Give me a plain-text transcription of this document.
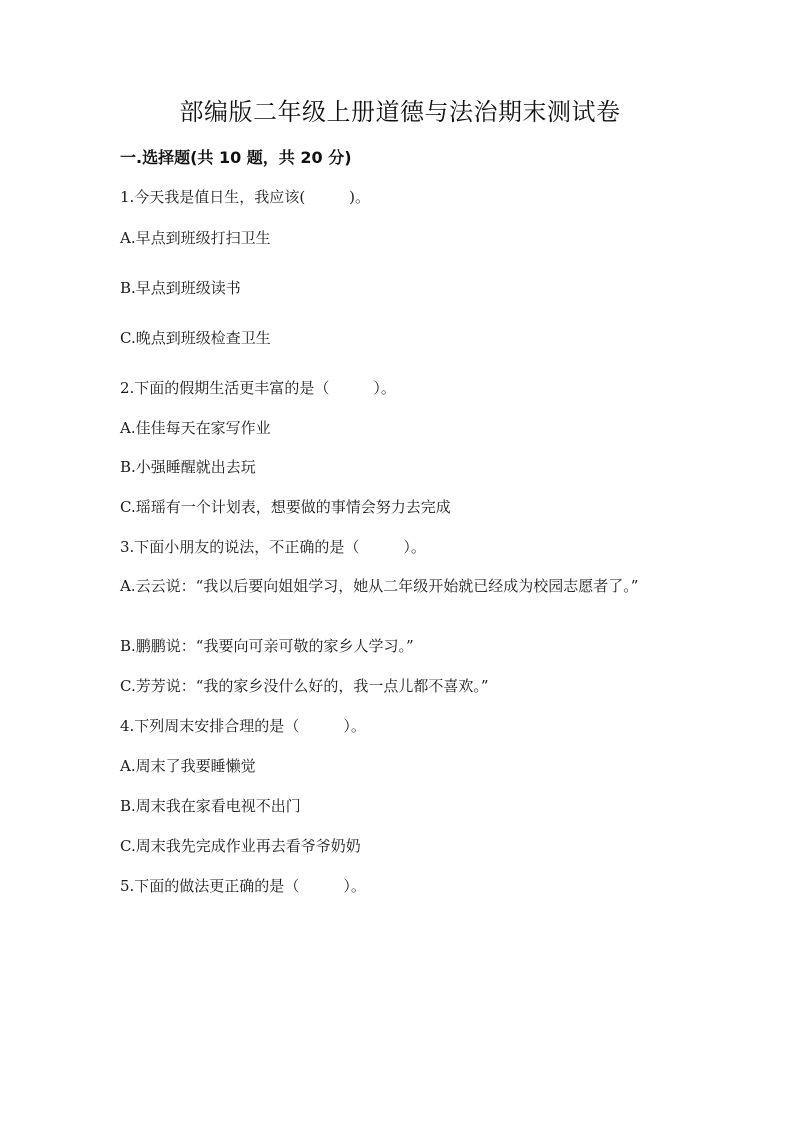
部编版二年级上册道德与法治期末测试卷
一.选择题(共 10 题，共 20 分)
1.今天我是值日生，我应该(	)。
A.早点到班级打扫卫生
B.早点到班级读书
C.晚点到班级检查卫生
2.下面的假期生活更丰富的是（	）。
A.佳佳每天在家写作业
B.小强睡醒就出去玩
C.瑶瑶有一个计划表，想要做的事情会努力去完成
3.下面小朋友的说法，不正确的是（	）。
A.云云说：“我以后要向姐姐学习，她从二年级开始就已经成为校园志愿者了。”
B.鹏鹏说：“我要向可亲可敬的家乡人学习。”
C.芳芳说：“我的家乡没什么好的，我一点儿都不喜欢。”
4.下列周末安排合理的是（	）。
A.周末了我要睡懒觉
B.周末我在家看电视不出门
C.周末我先完成作业再去看爷爷奶奶
5.下面的做法更正确的是（	）。
